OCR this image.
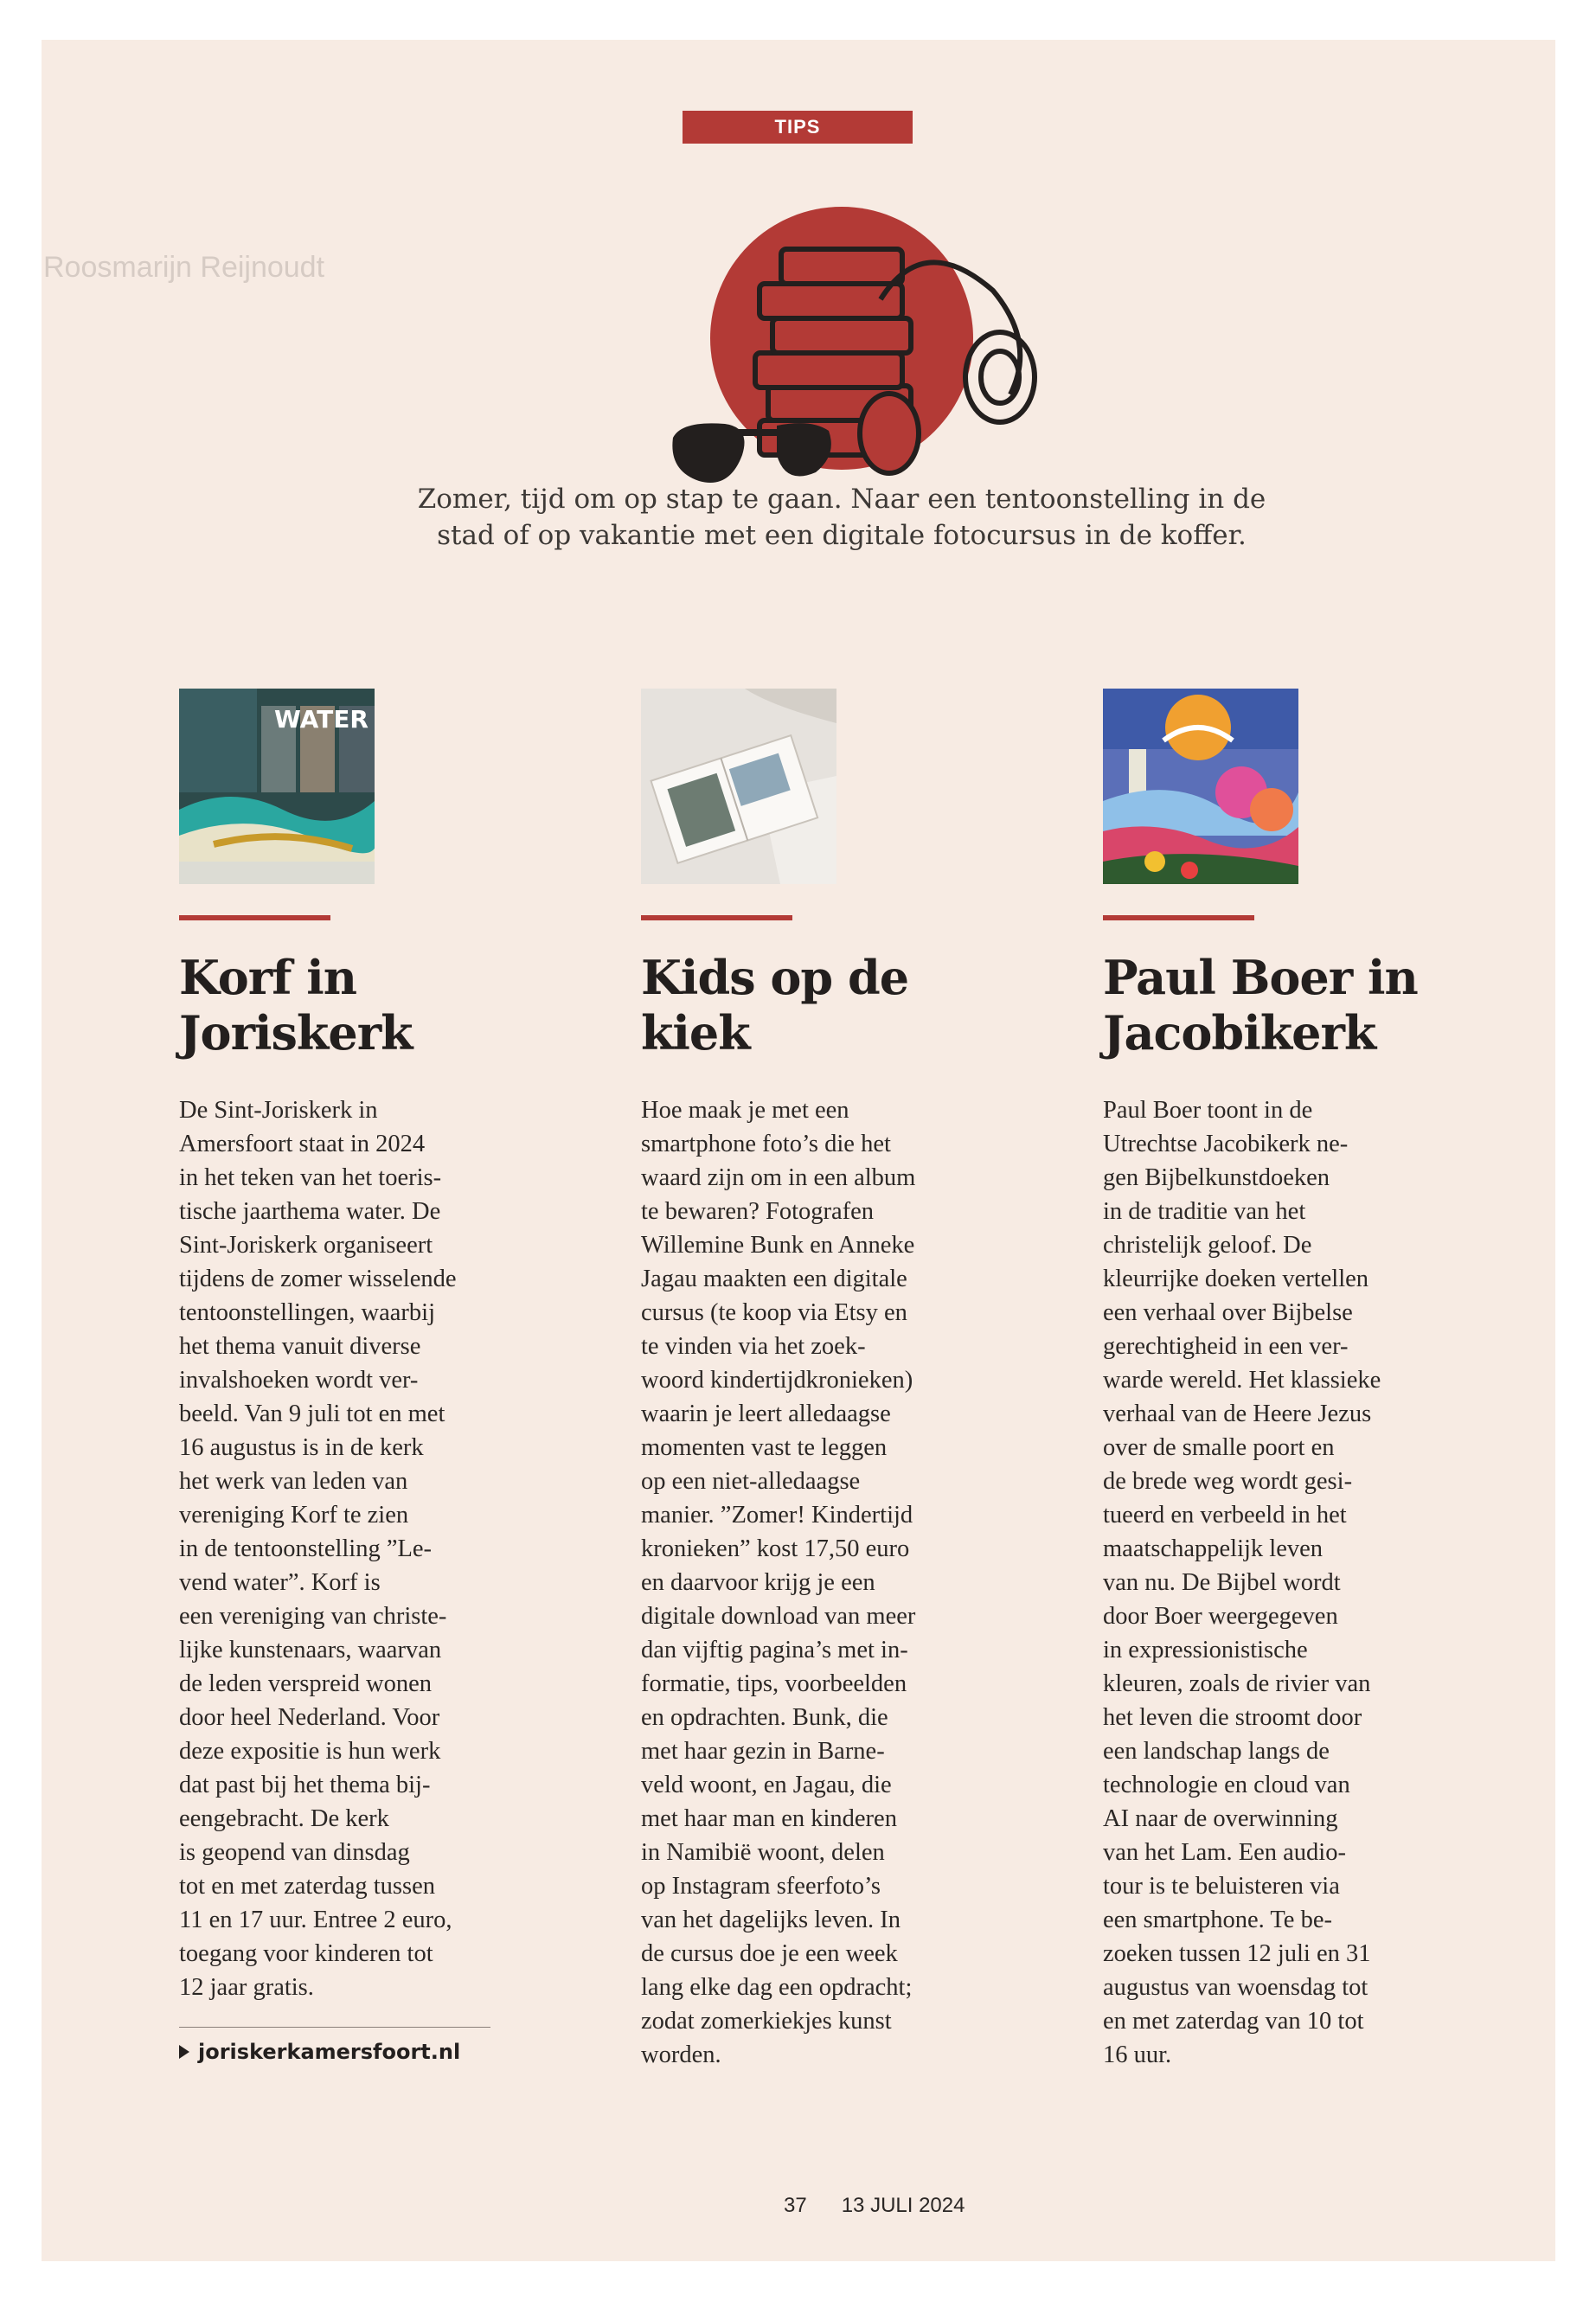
Roosmarijn Reijnoudt
TIPS
Zomer, tijd om op stap te gaan. Naar een tentoonstelling in de
stad of op vakantie met een digitale fotocursus in de koffer.
WATER
Korf in Joriskerk
De Sint-Joriskerk in
Amersfoort staat in 2024
in het teken van het toeris-
tische jaarthema water. De
Sint-Joriskerk organiseert
tijdens de zomer wisselende
tentoonstellingen, waarbij
het thema vanuit diverse
invalshoeken wordt ver-
beeld. Van 9 juli tot en met
16 augustus is in de kerk
het werk van leden van
vereniging Korf te zien
in de tentoonstelling ”Le-
vend water”. Korf is
een vereniging van christe-
lijke kunstenaars, waarvan
de leden verspreid wonen
door heel Nederland. Voor
deze expositie is hun werk
dat past bij het thema bij-
eengebracht. De kerk
is geopend van dinsdag
tot en met zaterdag tussen
11 en 17 uur. Entree 2 euro,
toegang voor kinderen tot
12 jaar gratis.
joriskerkamersfoort.nl
Kids op de kiek
Hoe maak je met een
smartphone foto’s die het
waard zijn om in een album
te bewaren? Fotografen
Willemine Bunk en Anneke
Jagau maakten een digitale
cursus (te koop via Etsy en
te vinden via het zoek-
woord kindertijdkronieken)
waarin je leert alledaagse
momenten vast te leggen
op een niet-alledaagse
manier. ”Zomer! Kindertijd
kronieken” kost 17,50 euro
en daarvoor krijg je een
digitale download van meer
dan vijftig pagina’s met in-
formatie, tips, voorbeelden
en opdrachten. Bunk, die
met haar gezin in Barne-
veld woont, en Jagau, die
met haar man en kinderen
in Namibië woont, delen
op Instagram sfeerfoto’s
van het dagelijks leven. In
de cursus doe je een week
lang elke dag een opdracht;
zodat zomerkiekjes kunst
worden.
Paul Boer in Jacobikerk
Paul Boer toont in de
Utrechtse Jacobikerk ne-
gen Bijbelkunstdoeken
in de traditie van het
christelijk geloof. De
kleurrijke doeken vertellen
een verhaal over Bijbelse
gerechtigheid in een ver-
warde wereld. Het klassieke
verhaal van de Heere Jezus
over de smalle poort en
de brede weg wordt gesi-
tueerd en verbeeld in het
maatschappelijk leven
van nu. De Bijbel wordt
door Boer weergegeven
in expressionistische
kleuren, zoals de rivier van
het leven die stroomt door
een landschap langs de
technologie en cloud van
AI naar de overwinning
van het Lam. Een audio-
tour is te beluisteren via
een smartphone. Te be-
zoeken tussen 12 juli en 31
augustus van woensdag tot
en met zaterdag van 10 tot
16 uur.
37 13 JULI 2024
